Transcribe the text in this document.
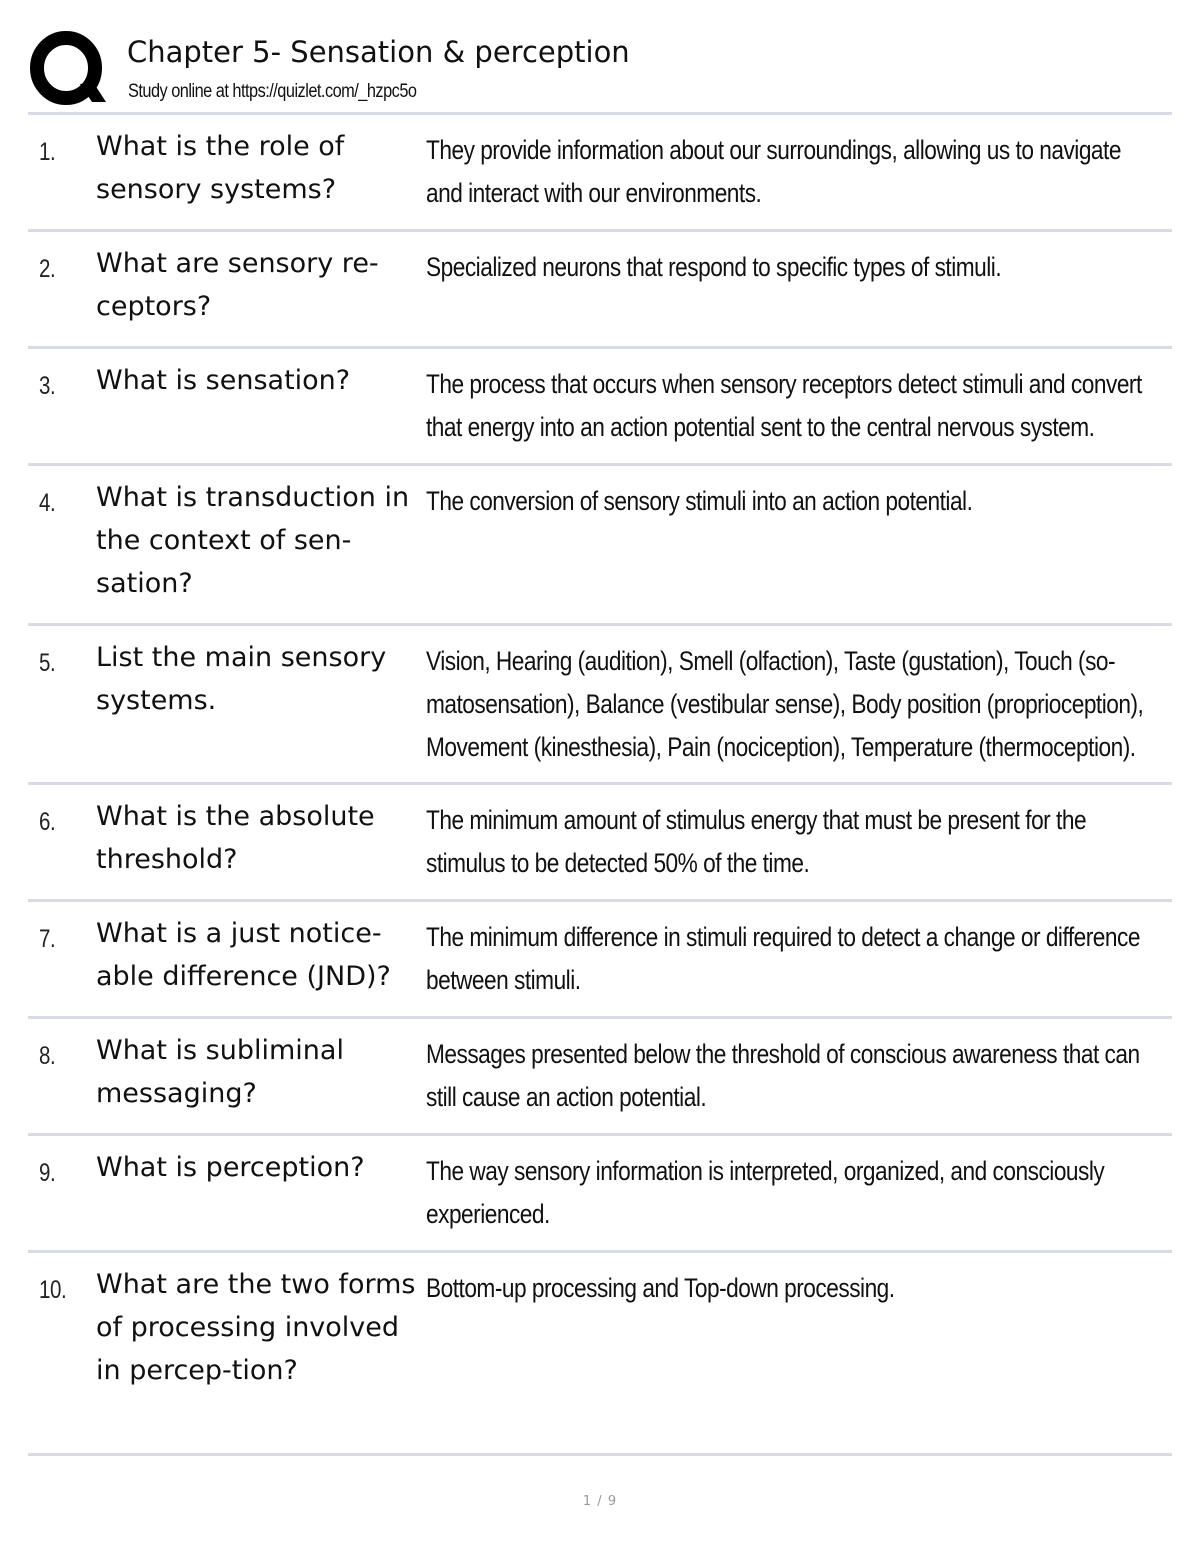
Chapter 5- Sensation & perception
Study online at https://quizlet.com/_hzpc5o
1. What is the role of sensory systems?
They provide information about our surroundings, allowing us to navigate and interact with our environments.
2. What are sensory re-ceptors?
Specialized neurons that respond to specific types of stimuli.
3. What is sensation?	The process that occurs when sensory receptors detect stimuli and convert that energy into an action potential sent to the central nervous system.
4. What is transduction in the context of sen-sation?
The conversion of sensory stimuli into an action potential.
5. List the main sensory systems.
Vision, Hearing (audition), Smell (olfaction), Taste (gustation), Touch (so-matosensation), Balance (vestibular sense), Body position (proprioception), Movement (kinesthesia), Pain (nociception), Temperature (thermoception).
6. What is the absolute threshold?
The minimum amount of stimulus energy that must be present for the stimulus to be detected 50% of the time.
7. What is a just notice-able difference (JND)?
The minimum difference in stimuli required to detect a change or difference between stimuli.
8. What is subliminal messaging?
Messages presented below the threshold of conscious awareness that can still cause an action potential.
9. What is perception?	The way sensory information is interpreted, organized, and consciously experienced.
10. What are the two forms of processing involved in percep-tion?
Bottom-up processing and Top-down processing.
1 / 9
